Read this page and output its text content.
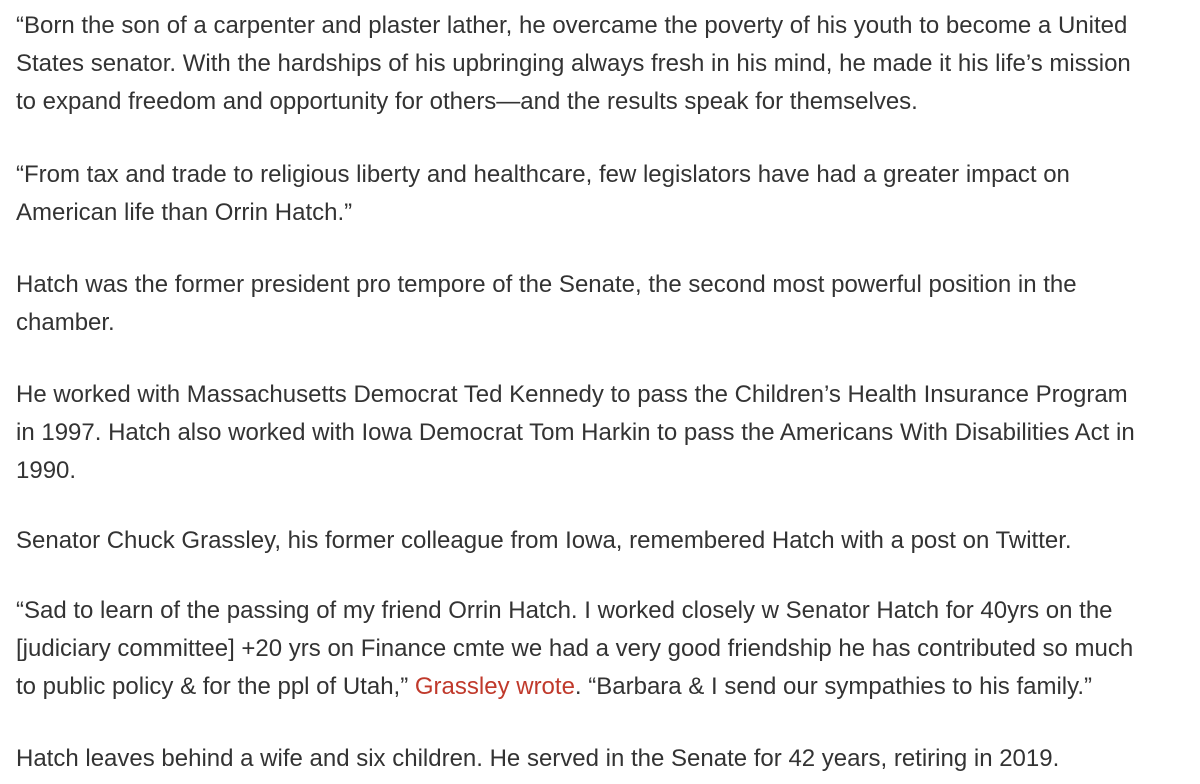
“Born the son of a carpenter and plaster lather, he overcame the poverty of his youth to become a United
States senator. With the hardships of his upbringing always fresh in his mind, he made it his life’s mission
to expand freedom and opportunity for others—and the results speak for themselves.

“From tax and trade to religious liberty and healthcare, few legislators have had a greater impact on
American life than Orrin Hatch.”

Hatch was the former president pro tempore of the Senate, the second most powerful position in the
chamber.

He worked with Massachusetts Democrat Ted Kennedy to pass the Children’s Health Insurance Program
in 1997. Hatch also worked with Iowa Democrat Tom Harkin to pass the Americans With Disabilities Act in
1990.

Senator Chuck Grassley, his former colleague from Iowa, remembered Hatch with a post on Twitter.

“Sad to learn of the passing of my friend Orrin Hatch. I worked closely w Senator Hatch for 40yrs on the
[judiciary committee] +20 yrs on Finance cmte we had a very good friendship he has contributed so much
to public policy & for the ppl of Utah,” Grassley wrote. “Barbara & I send our sympathies to his family.”

Hatch leaves behind a wife and six children. He served in the Senate for 42 years, retiring in 2019.
